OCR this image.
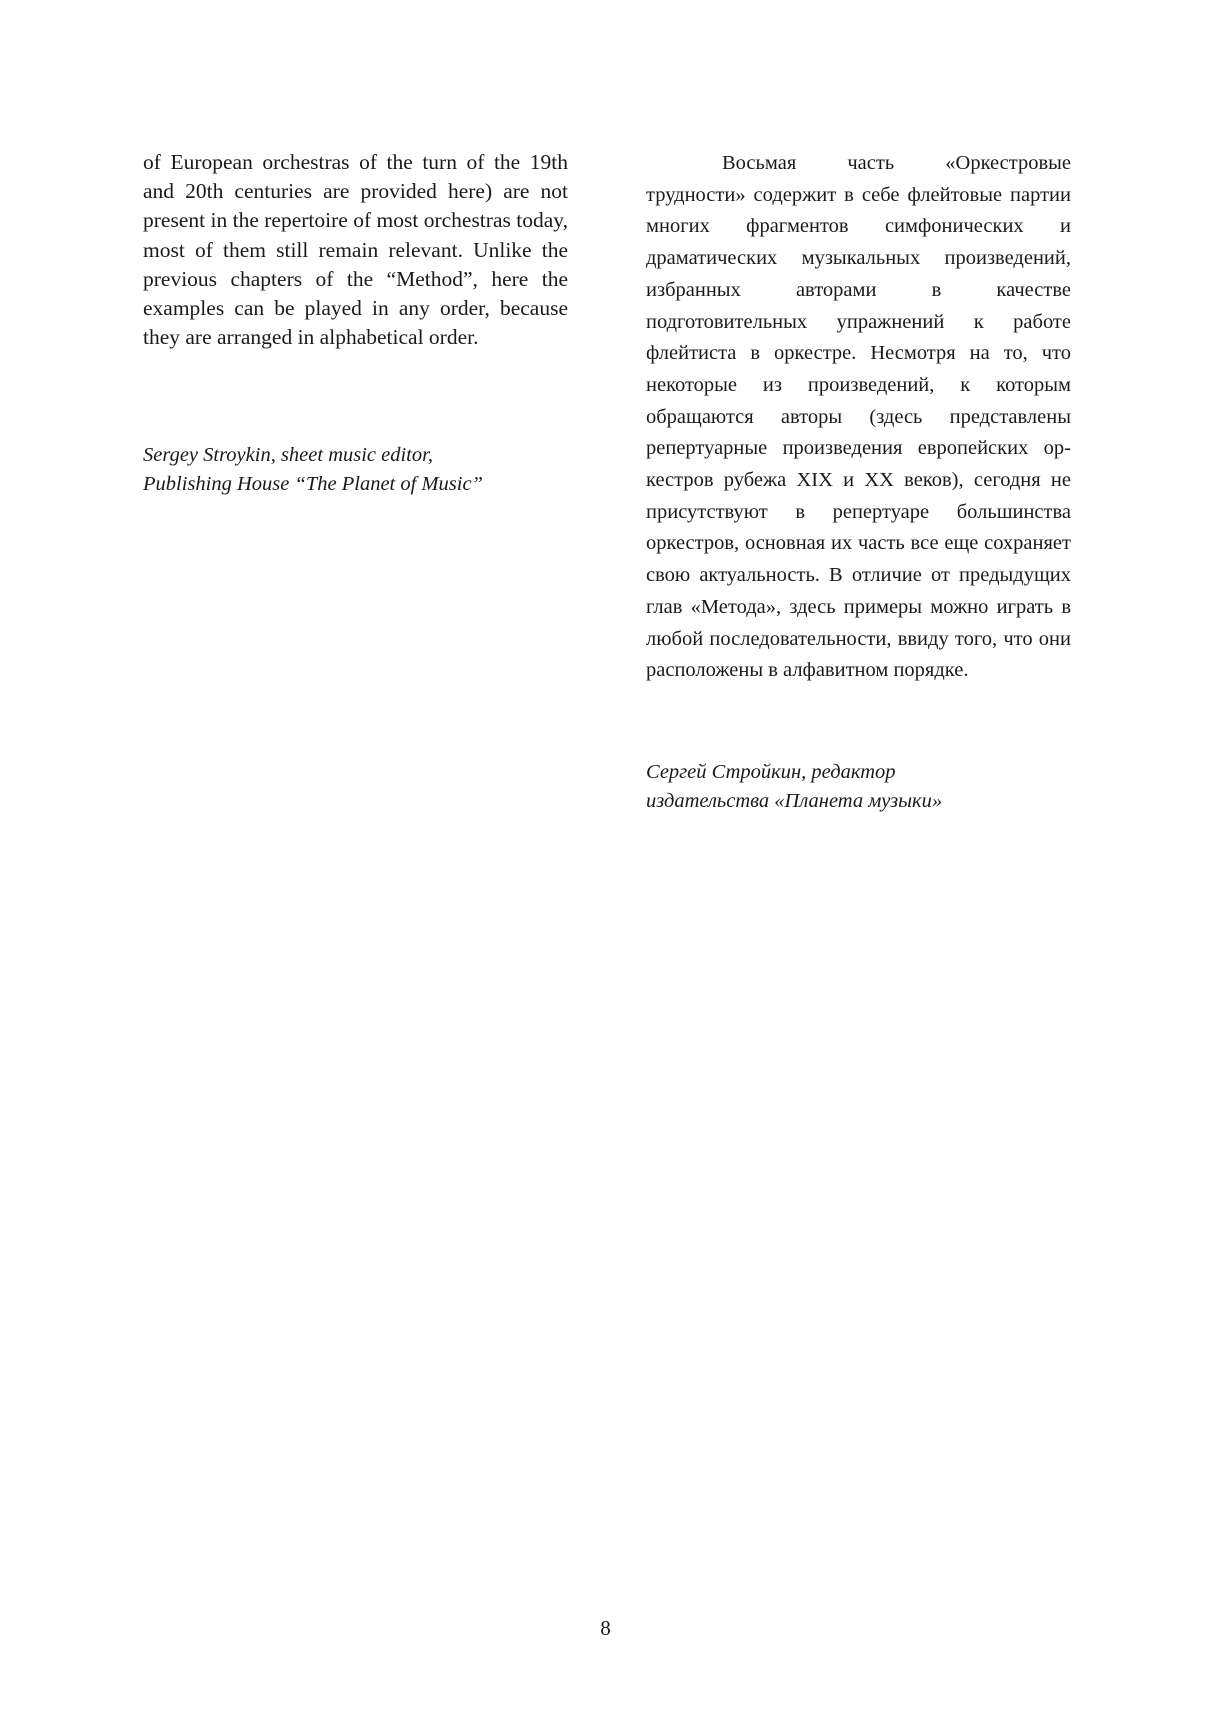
of European orchestras of the turn of the 19th and 20th centuries are provided here) are not present in the repertoire of most orchestras today, most of them still remain relevant. Unlike the previous chapters of the “Method”, here the examples can be played in any order, because they are arranged in alphabetical order.

Sergey Stroykin, sheet music editor,
Publishing House “The Planet of Music”

Восьмая часть «Оркестровые трудности» содержит в себе флейтовые партии многих фрагментов симфонических и драматических музыкальных произведений, избранных авторами в качестве подготовительных упражнений к работе флейтиста в оркестре. Несмотря на то, что некоторые из произведений, к которым обращаются авторы (здесь представлены репертуарные произведения европейских оркестров рубежа XIX и XX веков), сегодня не присутствуют в репертуаре большинства оркестров, основная их часть все еще сохраняет свою актуальность. В отличие от предыдущих глав «Метода», здесь примеры можно играть в любой последовательности, ввиду того, что они расположены в алфавитном порядке.

Сергей Стройкин, редактор
издательства «Планета музыки»

8
